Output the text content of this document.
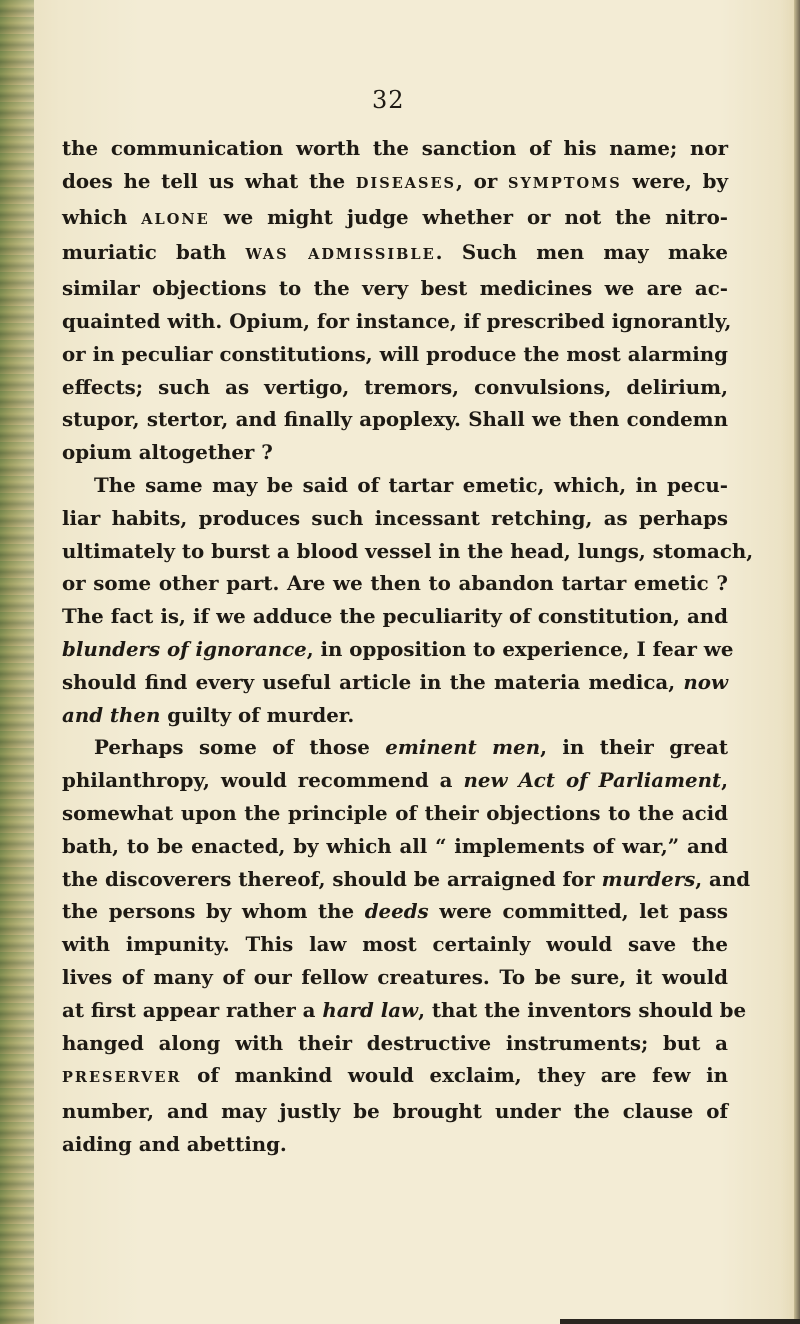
32
the communication worth the sanction of his name; nor
does he tell us what the DISEASES, or SYMPTOMS were, by
which ALONE we might judge whether or not the nitro-
muriatic bath WAS ADMISSIBLE. Such men may make
similar objections to the very best medicines we are ac-
quainted with. Opium, for instance, if prescribed ignorantly,
or in peculiar constitutions, will produce the most alarming
effects; such as vertigo, tremors, convulsions, delirium,
stupor, stertor, and finally apoplexy. Shall we then condemn
opium altogether ?
The same may be said of tartar emetic, which, in pecu-
liar habits, produces such incessant retching, as perhaps
ultimately to burst a blood vessel in the head, lungs, stomach,
or some other part. Are we then to abandon tartar emetic ?
The fact is, if we adduce the peculiarity of constitution, and
blunders of ignorance, in opposition to experience, I fear we
should find every useful article in the materia medica, now
and then guilty of murder.
Perhaps some of those eminent men, in their great
philanthropy, would recommend a new Act of Parliament,
somewhat upon the principle of their objections to the acid
bath, to be enacted, by which all “ implements of war,” and
the discoverers thereof, should be arraigned for murders, and
the persons by whom the deeds were committed, let pass
with impunity. This law most certainly would save the
lives of many of our fellow creatures. To be sure, it would
at first appear rather a hard law, that the inventors should be
hanged along with their destructive instruments; but a
PRESERVER of mankind would exclaim, they are few in
number, and may justly be brought under the clause of
aiding and abetting.
